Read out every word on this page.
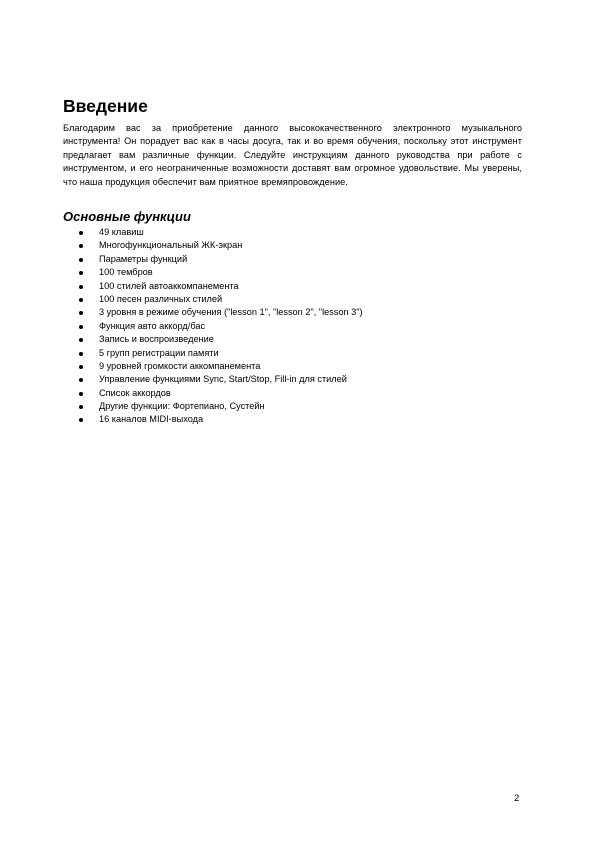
Введение

Благодарим вас за приобретение данного высококачественного электронного музыкального инструмента! Он порадует вас как в часы досуга, так и во время обучения, поскольку этот инструмент предлагает вам различные функции. Следуйте инструкциям данного руководства при работе с инструментом, и его неограниченные возможности доставят вам огромное удовольствие. Мы уверены, что наша продукция обеспечит вам приятное времяпровождение.

Основные функции
49 клавиш
Многофункциональный ЖК-экран
Параметры функций
100 тембров
100 стилей автоаккомпанемента
100 песен различных стилей
3 уровня в режиме обучения ("lesson 1", "lesson 2", "lesson 3")
Функция авто аккорд/бас
Запись и воспроизведение
5 групп регистрации памяти
9 уровней громкости аккомпанемента
Управление функциями Sync, Start/Stop, Fill-in для стилей
Список аккордов
Другие функции: Фортепиано, Сустейн
16 каналов MIDI-выхода
2
